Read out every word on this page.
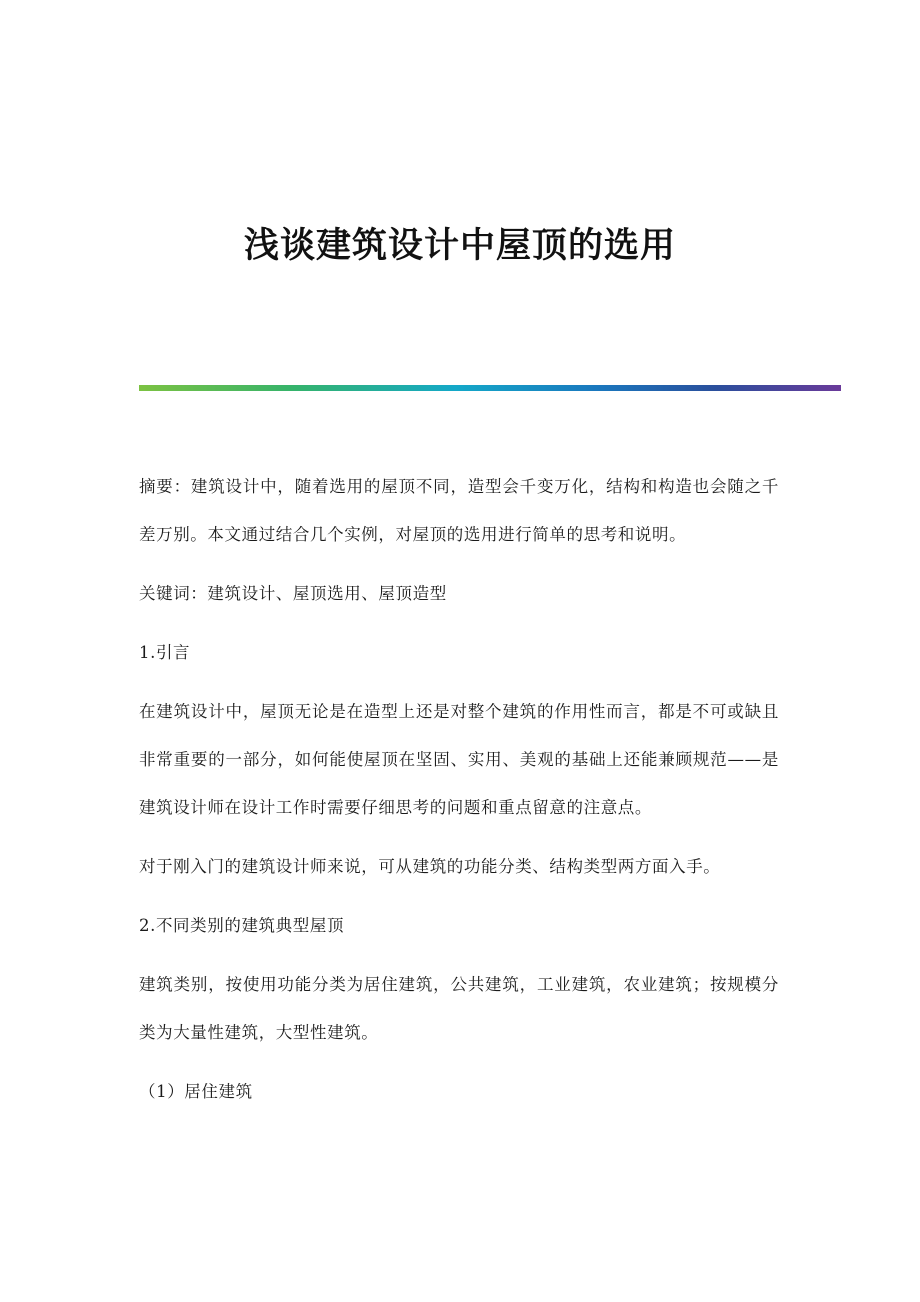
浅谈建筑设计中屋顶的选用

摘要：建筑设计中，随着选用的屋顶不同，造型会千变万化，结构和构造也会随之千差万别。本文通过结合几个实例，对屋顶的选用进行简单的思考和说明。

关键词：建筑设计、屋顶选用、屋顶造型

1.引言

在建筑设计中，屋顶无论是在造型上还是对整个建筑的作用性而言，都是不可或缺且非常重要的一部分，如何能使屋顶在坚固、实用、美观的基础上还能兼顾规范——是建筑设计师在设计工作时需要仔细思考的问题和重点留意的注意点。

对于刚入门的建筑设计师来说，可从建筑的功能分类、结构类型两方面入手。

2.不同类别的建筑典型屋顶

建筑类别，按使用功能分类为居住建筑，公共建筑，工业建筑，农业建筑；按规模分类为大量性建筑，大型性建筑。

（1）居住建筑
